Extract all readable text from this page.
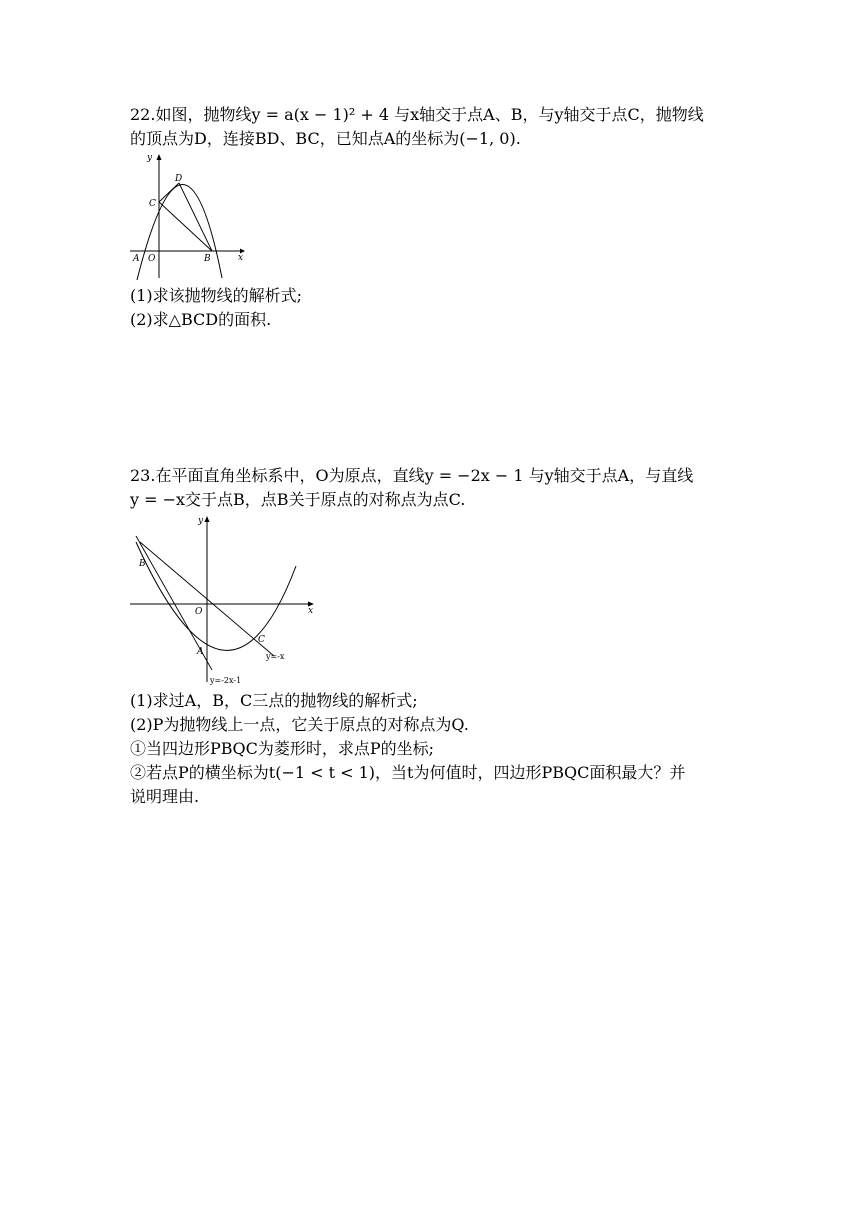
22.如图，抛物线y = a(x − 1)² + 4 与x轴交于点A、B，与y轴交于点C，抛物线
的顶点为D，连接BD、BC，已知点A的坐标为(−1, 0).
y
x
D
C
A O	B
(1)求该抛物线的解析式;
(2)求△BCD的面积.
23.在平面直角坐标系中，O为原点，直线y = −2x − 1 与y轴交于点A，与直线
y = −x交于点B，点B关于原点的对称点为点C.
y
x
B
O
A
C
y=-x
y=-2x-1
(1)求过A，B，C三点的抛物线的解析式;
(2)P为抛物线上一点，它关于原点的对称点为Q.
①当四边形PBQC为菱形时，求点P的坐标;
②若点P的横坐标为t(−1 < t < 1)，当t为何值时，四边形PBQC面积最大？并
说明理由.
